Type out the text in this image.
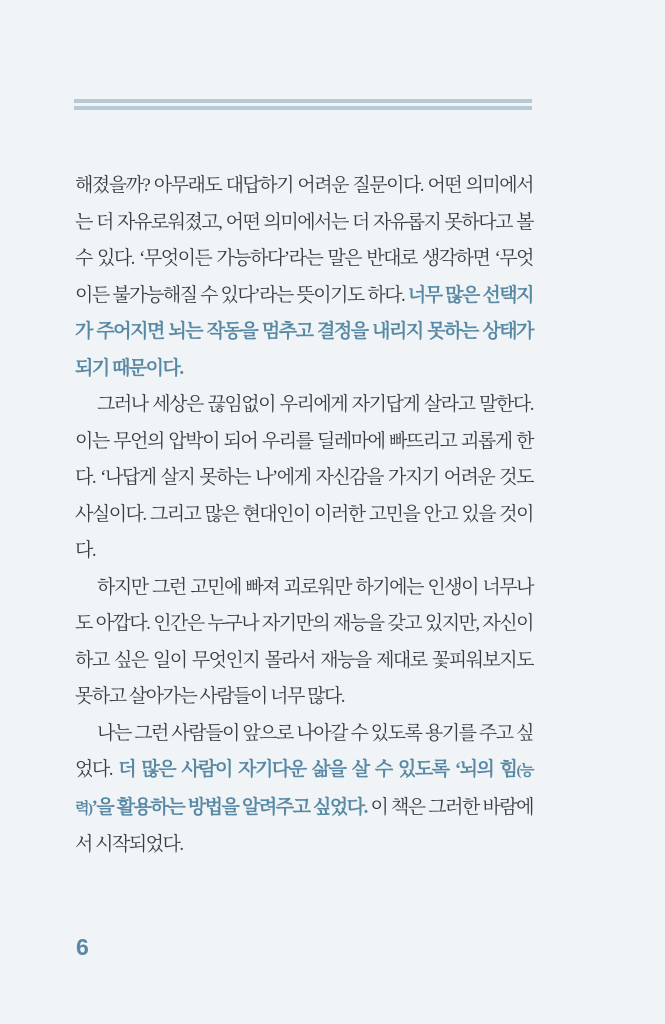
해졌을까? 아무래도 대답하기 어려운 질문이다. 어떤 의미에서는 더 자유로워졌고, 어떤 의미에서는 더 자유롭지 못하다고 볼 수 있다. ‘무엇이든 가능하다’라는 말은 반대로 생각하면 ‘무엇이든 불가능해질 수 있다’라는 뜻이기도 하다. 너무 많은 선택지가 주어지면 뇌는 작동을 멈추고 결정을 내리지 못하는 상태가 되기 때문이다.

그러나 세상은 끊임없이 우리에게 자기답게 살라고 말한다. 이는 무언의 압박이 되어 우리를 딜레마에 빠뜨리고 괴롭게 한다. ‘나답게 살지 못하는 나’에게 자신감을 가지기 어려운 것도 사실이다. 그리고 많은 현대인이 이러한 고민을 안고 있을 것이다.

하지만 그런 고민에 빠져 괴로워만 하기에는 인생이 너무나도 아깝다. 인간은 누구나 자기만의 재능을 갖고 있지만, 자신이 하고 싶은 일이 무엇인지 몰라서 재능을 제대로 꽃피워보지도 못하고 살아가는 사람들이 너무 많다.

나는 그런 사람들이 앞으로 나아갈 수 있도록 용기를 주고 싶었다. 더 많은 사람이 자기다운 삶을 살 수 있도록 ‘뇌의 힘(능력)’을 활용하는 방법을 알려주고 싶었다. 이 책은 그러한 바람에서 시작되었다.

6
